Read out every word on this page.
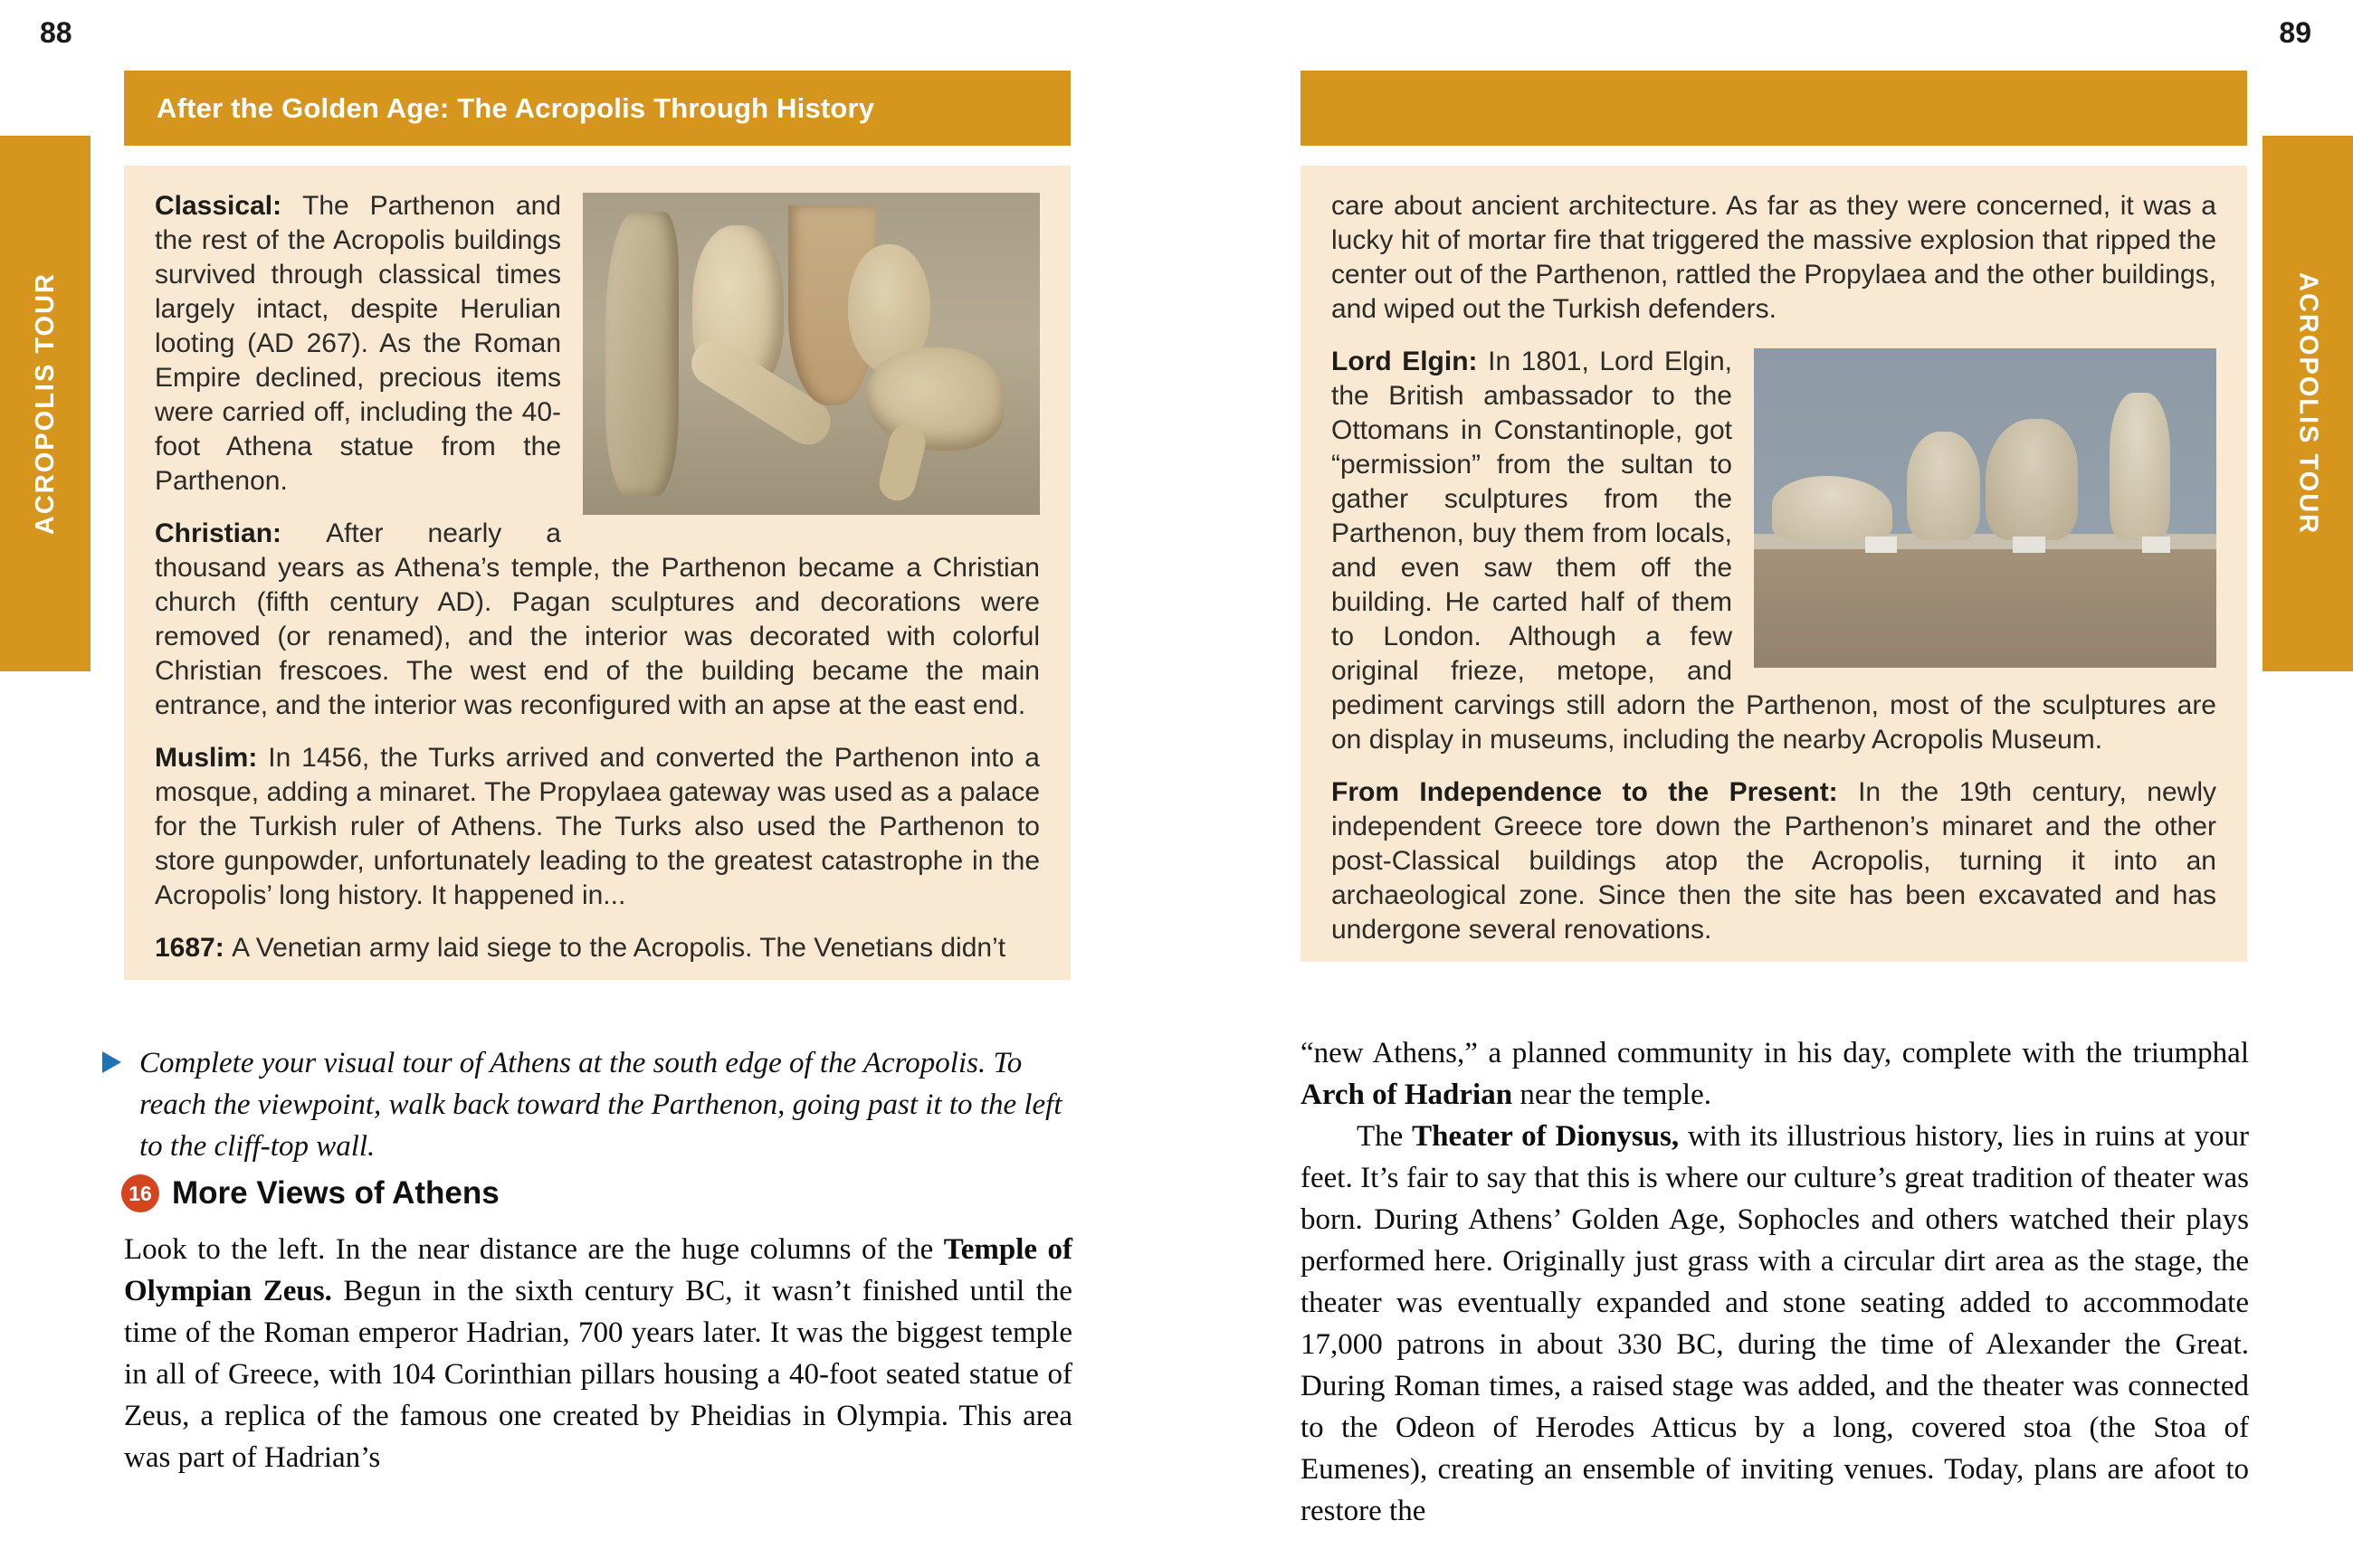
88	89
ACROPOLIS TOUR	ACROPOLIS TOUR
After the Golden Age: The Acropolis Through History

Classical: The Parthenon and the rest of the Acropolis buildings survived through classical times largely intact, despite Herulian looting (AD 267). As the Roman Empire declined, precious items were carried off, including the 40-foot Athena statue from the Parthenon.

Christian: After nearly a thousand years as Athena’s temple, the Parthenon became a Christian church (fifth century AD). Pagan sculptures and decorations were removed (or renamed), and the interior was decorated with colorful Christian frescoes. The west end of the building became the main entrance, and the interior was reconfigured with an apse at the east end.

Muslim: In 1456, the Turks arrived and converted the Parthenon into a mosque, adding a minaret. The Propylaea gateway was used as a palace for the Turkish ruler of Athens. The Turks also used the Parthenon to store gunpowder, unfortunately leading to the greatest catastrophe in the Acropolis’ long history. It happened in...

1687: A Venetian army laid siege to the Acropolis. The Venetians didn’t

Complete your visual tour of Athens at the south edge of the Acropolis. To reach the viewpoint, walk back toward the Parthenon, going past it to the left to the cliff-top wall.
16 More Views of Athens

Look to the left. In the near distance are the huge columns of the Temple of Olympian Zeus. Begun in the sixth century BC, it wasn’t finished until the time of the Roman emperor Hadrian, 700 years later. It was the biggest temple in all of Greece, with 104 Corinthian pillars housing a 40-foot seated statue of Zeus, a replica of the famous one created by Pheidias in Olympia. This area was part of Hadrian’s

care about ancient architecture. As far as they were concerned, it was a lucky hit of mortar fire that triggered the massive explosion that ripped the center out of the Parthenon, rattled the Propylaea and the other buildings, and wiped out the Turkish defenders.

Lord Elgin: In 1801, Lord Elgin, the British ambassador to the Ottomans in Constantinople, got “permission” from the sultan to gather sculptures from the Parthenon, buy them from locals, and even saw them off the building. He carted half of them to London. Although a few original frieze, metope, and pediment carvings still adorn the Parthenon, most of the sculptures are on display in museums, including the nearby Acropolis Museum.

From Independence to the Present: In the 19th century, newly independent Greece tore down the Parthenon’s minaret and the other post-Classical buildings atop the Acropolis, turning it into an archaeological zone. Since then the site has been excavated and has undergone several renovations.

“new Athens,” a planned community in his day, complete with the triumphal Arch of Hadrian near the temple.

The Theater of Dionysus, with its illustrious history, lies in ruins at your feet. It’s fair to say that this is where our culture’s great tradition of theater was born. During Athens’ Golden Age, Sophocles and others watched their plays performed here. Originally just grass with a circular dirt area as the stage, the theater was eventually expanded and stone seating added to accommodate 17,000 patrons in about 330 BC, during the time of Alexander the Great. During Roman times, a raised stage was added, and the theater was connected to the Odeon of Herodes Atticus by a long, covered stoa (the Stoa of Eumenes), creating an ensemble of inviting venues. Today, plans are afoot to restore the
